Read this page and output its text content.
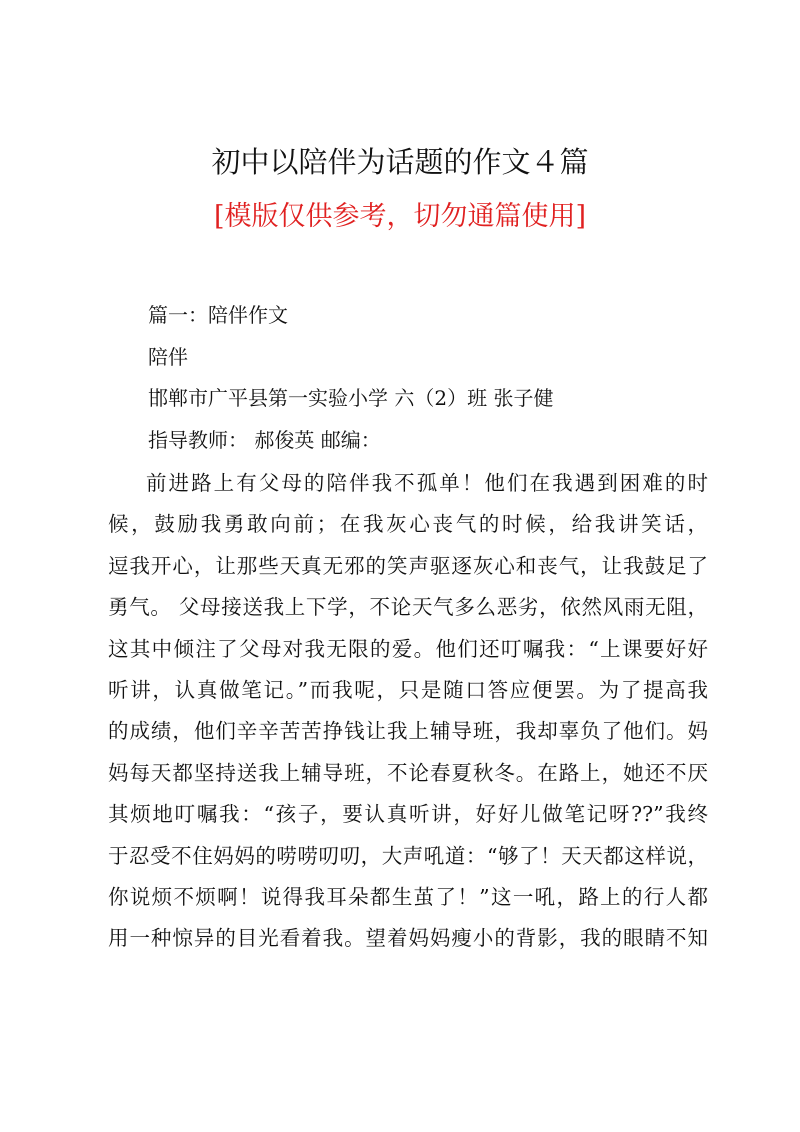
初中以陪伴为话题的作文４篇
[模版仅供参考，切勿通篇使用]
篇一：陪伴作文
陪伴
邯郸市广平县第一实验小学 六（2）班 张子健
指导教师： 郝俊英 邮编：
前进路上有父母的陪伴我不孤单！他们在我遇到困难的时
候，鼓励我勇敢向前；在我灰心丧气的时候，给我讲笑话，
逗我开心，让那些天真无邪的笑声驱逐灰心和丧气，让我鼓足了
勇气。 父母接送我上下学，不论天气多么恶劣，依然风雨无阻，
这其中倾注了父母对我无限的爱。他们还叮嘱我：“上课要好好
听讲，认真做笔记。”而我呢，只是随口答应便罢。为了提高我
的成绩，他们辛辛苦苦挣钱让我上辅导班，我却辜负了他们。妈
妈每天都坚持送我上辅导班，不论春夏秋冬。在路上，她还不厌
其烦地叮嘱我：“孩子，要认真听讲，好好儿做笔记呀??”我终
于忍受不住妈妈的唠唠叨叨，大声吼道：“够了！天天都这样说，
你说烦不烦啊！说得我耳朵都生茧了！”这一吼，路上的行人都
用一种惊异的目光看着我。望着妈妈瘦小的背影，我的眼睛不知
